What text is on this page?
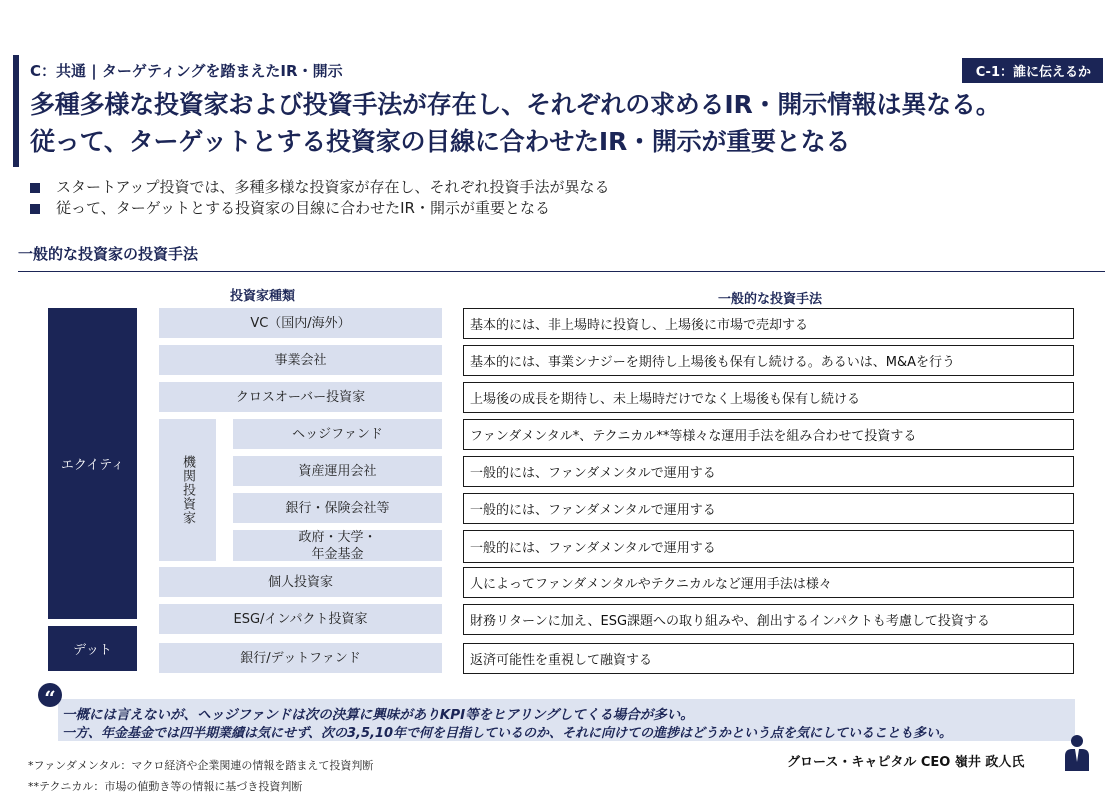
C：共通 | ターゲティングを踏まえたIR・開示	C-1：誰に伝えるか
多種多様な投資家および投資手法が存在し、それぞれの求めるIR・開示情報は異なる。
従って、ターゲットとする投資家の目線に合わせたIR・開示が重要となる
スタートアップ投資では、多種多様な投資家が存在し、それぞれ投資手法が異なる
従って、ターゲットとする投資家の目線に合わせたIR・開示が重要となる
一般的な投資家の投資手法
投資家種類	一般的な投資手法
エクイティ
デット
機関投資家
VC（国内/海外）
事業会社
クロスオーバー投資家
ヘッジファンド
資産運用会社
銀行・保険会社等
政府・大学・
年金基金
個人投資家
ESG/インパクト投資家
銀行/デットファンド
基本的には、非上場時に投資し、上場後に市場で売却する
基本的には、事業シナジーを期待し上場後も保有し続ける。あるいは、M&Aを行う
上場後の成長を期待し、未上場時だけでなく上場後も保有し続ける
ファンダメンタル*、テクニカル**等様々な運用手法を組み合わせて投資する
一般的には、ファンダメンタルで運用する
一般的には、ファンダメンタルで運用する
一般的には、ファンダメンタルで運用する
人によってファンダメンタルやテクニカルなど運用手法は様々
財務リターンに加え、ESG課題への取り組みや、創出するインパクトも考慮して投資する
返済可能性を重視して融資する
“
一概には言えないが、ヘッジファンドは次の決算に興味がありKPI等をヒアリングしてくる場合が多い。
一方、年金基金では四半期業績は気にせず、次の3,5,10年で何を目指しているのか、それに向けての進捗はどうかという点を気にしていることも多い。
グロース・キャピタル CEO 嶺井 政人氏
*ファンダメンタル：マクロ経済や企業関連の情報を踏まえて投資判断
**テクニカル：市場の値動き等の情報に基づき投資判断
